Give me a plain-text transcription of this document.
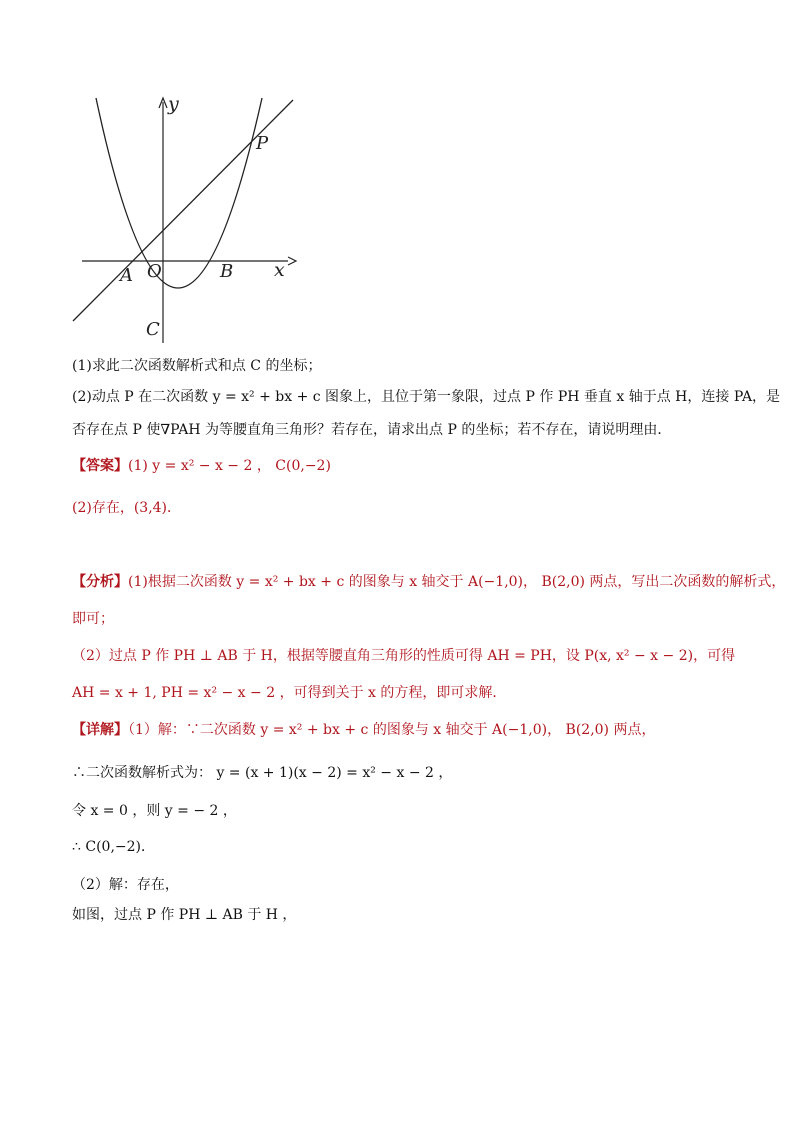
y
x
P
A O	B
C
(1)求此二次函数解析式和点 C 的坐标；
(2)动点 P 在二次函数 y = x² + bx + c 图象上，且位于第一象限，过点 P 作 PH 垂直 x 轴于点 H，连接 PA，是
否存在点 P 使∇PAH 为等腰直角三角形？若存在，请求出点 P 的坐标；若不存在，请说明理由．
【答案】(1) y = x² − x − 2 ， C(0,−2)
(2)存在，(3,4)．
【分析】(1)根据二次函数 y = x² + bx + c 的图象与 x 轴交于 A(−1,0)， B(2,0) 两点，写出二次函数的解析式，
即可；
（2）过点 P 作 PH ⊥ AB 于 H，根据等腰直角三角形的性质可得 AH = PH，设 P(x, x² − x − 2)，可得
AH = x + 1, PH = x² − x − 2 ，可得到关于 x 的方程，即可求解．
【详解】（1）解：∵二次函数 y = x² + bx + c 的图象与 x 轴交于 A(−1,0)， B(2,0) 两点，
∴二次函数解析式为： y = (x + 1)(x − 2) = x² − x − 2 ，
令 x = 0 ，则 y = − 2 ，
∴ C(0,−2)．
（2）解：存在，
如图，过点 P 作 PH ⊥ AB 于 H ，
